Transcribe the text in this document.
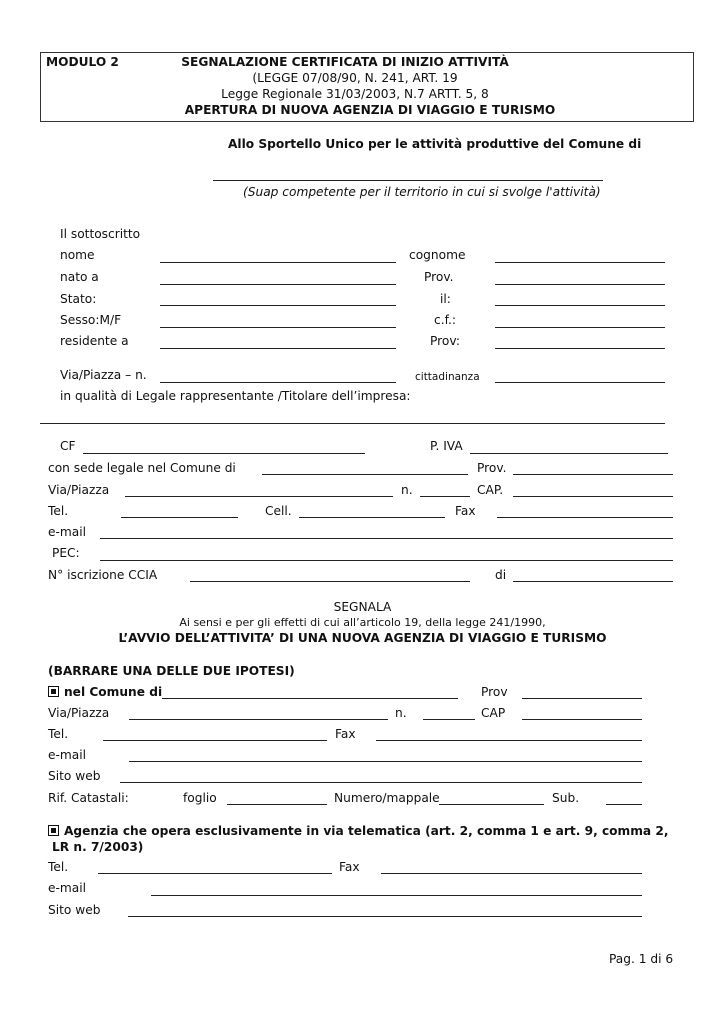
MODULO 2	SEGNALAZIONE CERTIFICATA DI INIZIO ATTIVITÀ
(LEGGE 07/08/90, N. 241, ART. 19
Legge Regionale 31/03/2003, N.7 ARTT. 5, 8
APERTURA DI NUOVA AGENZIA DI VIAGGIO E TURISMO
Allo Sportello Unico per le attività produttive del Comune di
(Suap competente per il territorio in cui si svolge l'attività)
Il sottoscritto
nome	cognome
nato a	Prov.
Stato:	il:
Sesso:M/F	c.f.:
residente a	Prov:
Via/Piazza – n.	cittadinanza
in qualità di Legale rappresentante /Titolare dell’impresa:
CF	P. IVA
con sede legale nel Comune di	Prov.
Via/Piazza	n.	CAP.
Tel.	Cell.	Fax
e-mail
PEC:
N° iscrizione CCIA	di
SEGNALA
Ai sensi e per gli effetti di cui all’articolo 19, della legge 241/1990,
L’AVVIO DELL’ATTIVITA’ DI UNA NUOVA AGENZIA DI VIAGGIO E TURISMO
(BARRARE UNA DELLE DUE IPOTESI)
nel Comune di	Prov
Via/Piazza	n.	CAP
Tel.	Fax
e-mail
Sito web
Rif. Catastali:	foglio	Numero/mappale	Sub.
Agenzia che opera esclusivamente in via telematica (art. 2, comma 1 e art. 9, comma 2,
LR n. 7/2003)
Tel.	Fax
e-mail
Sito web
Pag. 1 di 6
